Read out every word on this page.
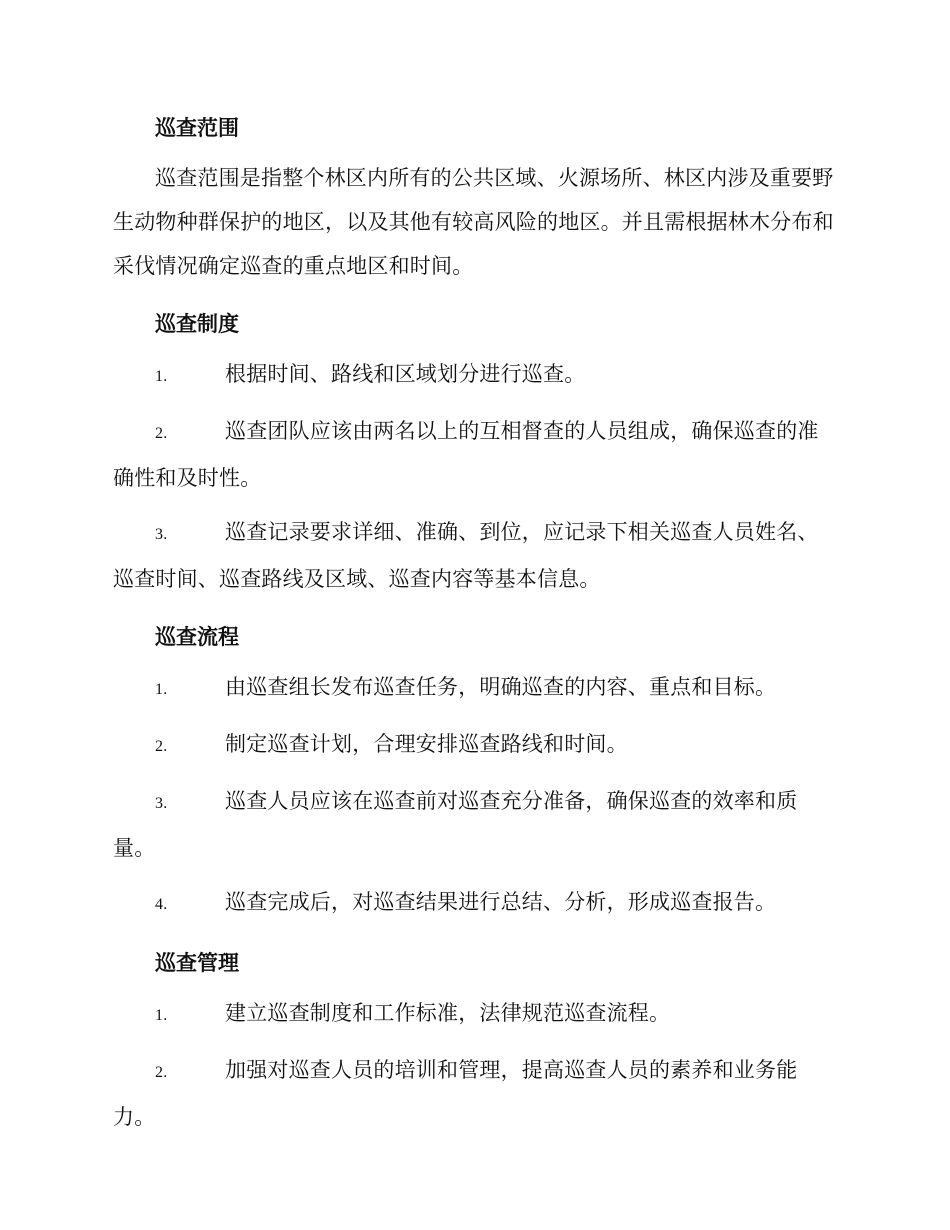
巡查范围

巡查范围是指整个林区内所有的公共区域、火源场所、林区内涉及重要野生动物种群保护的地区，以及其他有较高风险的地区。并且需根据林木分布和采伐情况确定巡查的重点地区和时间。

巡查制度

1.	根据时间、路线和区域划分进行巡查。

2.	巡查团队应该由两名以上的互相督查的人员组成，确保巡查的准确性和及时性。

3.	巡查记录要求详细、准确、到位，应记录下相关巡查人员姓名、巡查时间、巡查路线及区域、巡查内容等基本信息。

巡查流程

1.	由巡查组长发布巡查任务，明确巡查的内容、重点和目标。

2.	制定巡查计划，合理安排巡查路线和时间。

3.	巡查人员应该在巡查前对巡查充分准备，确保巡查的效率和质量。

4.	巡查完成后，对巡查结果进行总结、分析，形成巡查报告。

巡查管理

1.	建立巡查制度和工作标准，法律规范巡查流程。

2.	加强对巡查人员的培训和管理，提高巡查人员的素养和业务能力。
